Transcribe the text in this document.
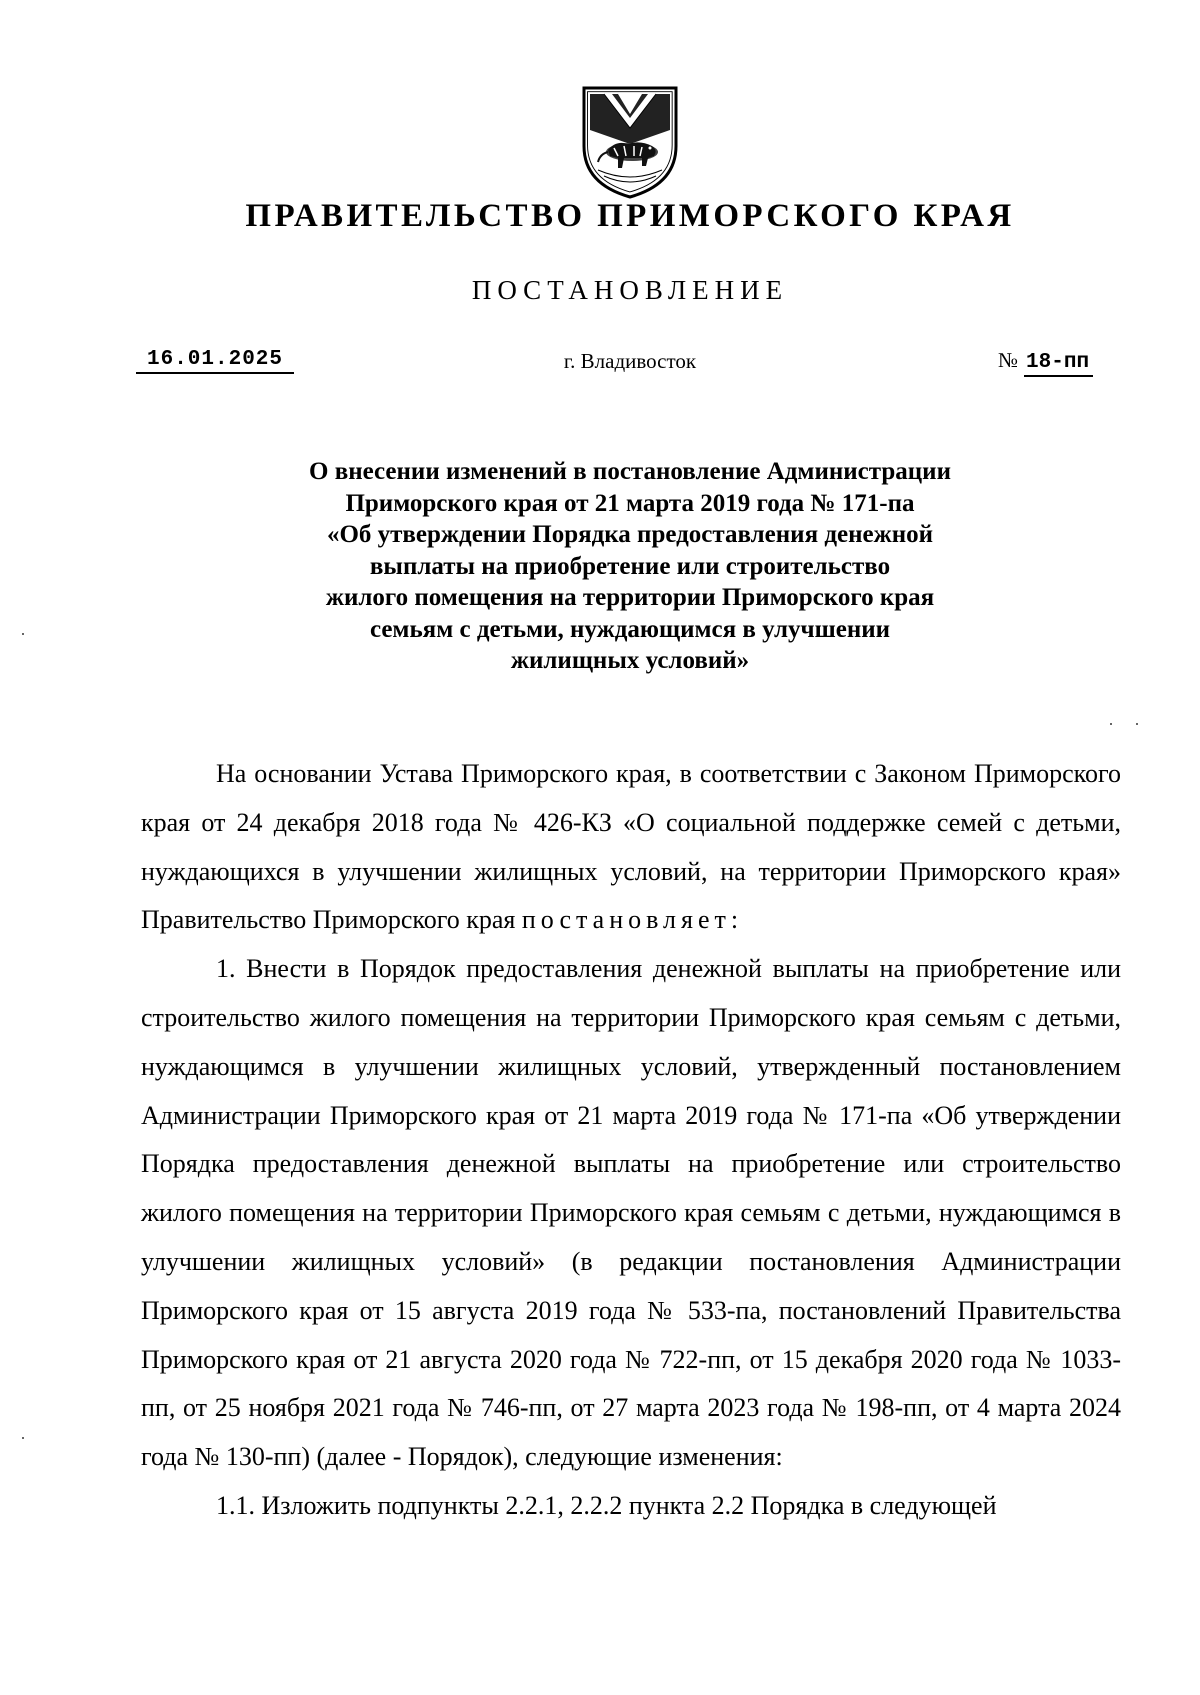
ПРАВИТЕЛЬСТВО ПРИМОРСКОГО КРАЯ
ПОСТАНОВЛЕНИЕ
16.01.2025	г. Владивосток	№ 18-пп
О внесении изменений в постановление Администрации
Приморского края от 21 марта 2019 года № 171-па
«Об утверждении Порядка предоставления денежной
выплаты на приобретение или строительство
жилого помещения на территории Приморского края
семьям с детьми, нуждающимся в улучшении
жилищных условий»

На основании Устава Приморского края, в соответствии с Законом Приморского края от 24 декабря 2018 года № 426-КЗ «О социальной поддержке семей с детьми, нуждающихся в улучшении жилищных условий, на территории Приморского края» Правительство Приморского края постановляет:

1. Внести в Порядок предоставления денежной выплаты на приобретение или строительство жилого помещения на территории Приморского края семьям с детьми, нуждающимся в улучшении жилищных условий, утвержденный постановлением Администрации Приморского края от 21 марта 2019 года № 171-па «Об утверждении Порядка предоставления денежной выплаты на приобретение или строительство жилого помещения на территории Приморского края семьям с детьми, нуждающимся в улучшении жилищных условий» (в редакции постановления Администрации Приморского края от 15 августа 2019 года № 533-па, постановлений Правительства Приморского края от 21 августа 2020 года № 722-пп, от 15 декабря 2020 года № 1033-пп, от 25 ноября 2021 года № 746-пп, от 27 марта 2023 года № 198-пп, от 4 марта 2024 года № 130-пп) (далее - Порядок), следующие изменения:

1.1. Изложить подпункты 2.2.1, 2.2.2 пункта 2.2 Порядка в следующей
